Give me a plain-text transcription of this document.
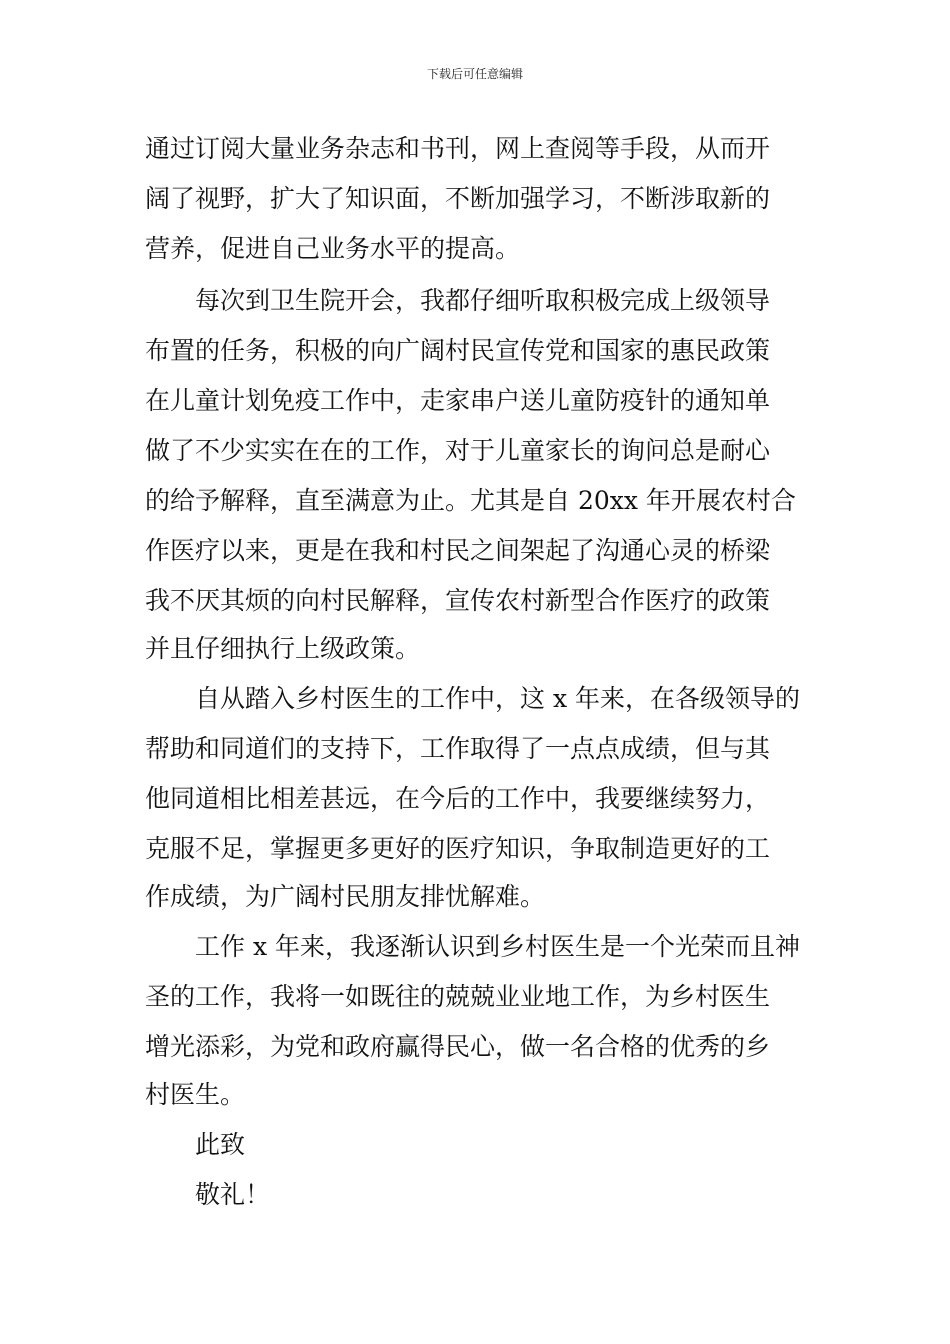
下载后可任意编辑
通过订阅大量业务杂志和书刊，网上查阅等手段，从而开
阔了视野，扩大了知识面，不断加强学习，不断涉取新的
营养，促进自己业务水平的提高。
每次到卫生院开会，我都仔细听取积极完成上级领导
布置的任务，积极的向广阔村民宣传党和国家的惠民政策
在儿童计划免疫工作中，走家串户送儿童防疫针的通知单
做了不少实实在在的工作，对于儿童家长的询问总是耐心
的给予解释，直至满意为止。尤其是自 20xx 年开展农村合
作医疗以来，更是在我和村民之间架起了沟通心灵的桥梁
我不厌其烦的向村民解释，宣传农村新型合作医疗的政策
并且仔细执行上级政策。
自从踏入乡村医生的工作中，这 x 年来，在各级领导的
帮助和同道们的支持下，工作取得了一点点成绩，但与其
他同道相比相差甚远，在今后的工作中，我要继续努力，
克服不足，掌握更多更好的医疗知识，争取制造更好的工
作成绩，为广阔村民朋友排忧解难。
工作 x 年来，我逐渐认识到乡村医生是一个光荣而且神
圣的工作，我将一如既往的兢兢业业地工作，为乡村医生
增光添彩，为党和政府赢得民心，做一名合格的优秀的乡
村医生。
此致
敬礼！
